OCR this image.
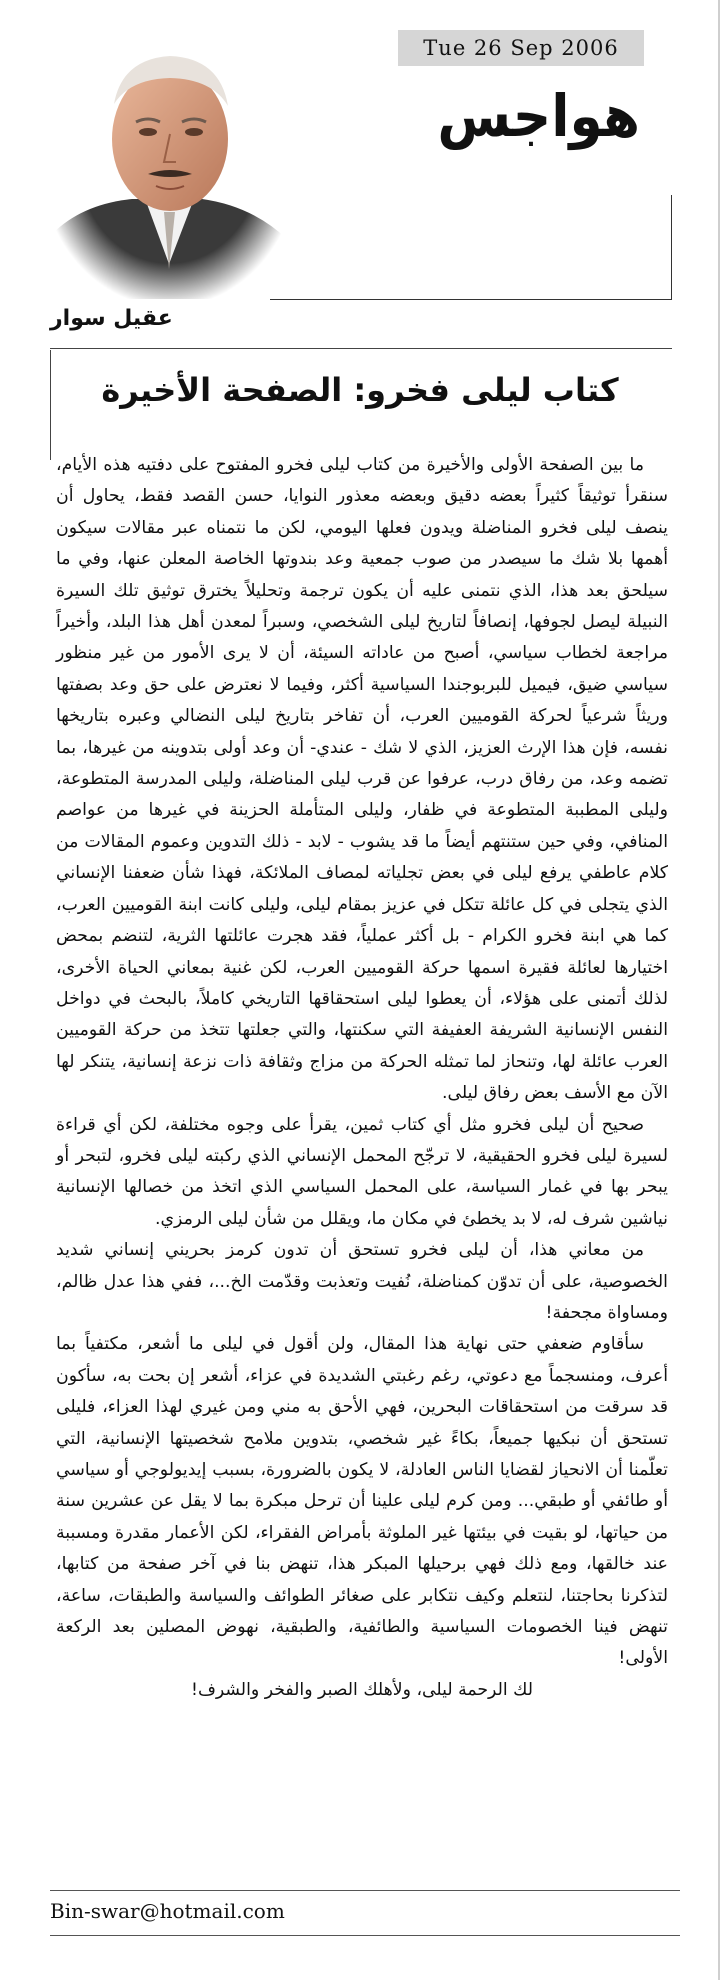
Tue 26 Sep 2006
هواجس
عقيل سوار
كتاب ليلى فخرو: الصفحة الأخيرة

ما بين الصفحة الأولى والأخيرة من كتاب ليلى فخرو المفتوح على دفتيه هذه الأيام، سنقرأ توثيقاً كثيراً بعضه دقيق وبعضه معذور النوايا، حسن القصد فقط، يحاول أن ينصف ليلى فخرو المناضلة ويدون فعلها اليومي، لكن ما نتمناه عبر مقالات سيكون أهمها بلا شك ما سيصدر من صوب جمعية وعد بندوتها الخاصة المعلن عنها، وفي ما سيلحق بعد هذا، الذي نتمنى عليه أن يكون ترجمة وتحليلاً يخترق توثيق تلك السيرة النبيلة ليصل لجوفها، إنصافاً لتاريخ ليلى الشخصي، وسبراً لمعدن أهل هذا البلد، وأخيراً مراجعة لخطاب سياسي، أصبح من عاداته السيئة، أن لا يرى الأمور من غير منظور سياسي ضيق، فيميل للبربوجندا السياسية أكثر، وفيما لا نعترض على حق وعد بصفتها وريثاً شرعياً لحركة القوميين العرب، أن تفاخر بتاريخ ليلى النضالي وعبره بتاريخها نفسه، فإن هذا الإرث العزيز، الذي لا شك - عندي- أن وعد أولى بتدوينه من غيرها، بما تضمه وعد، من رفاق درب، عرفوا عن قرب ليلى المناضلة، وليلى المدرسة المتطوعة، وليلى المطببة المتطوعة في ظفار، وليلى المتأملة الحزينة في غيرها من عواصم المنافي، وفي حين ستنتهم أيضاً ما قد يشوب - لابد - ذلك التدوين وعموم المقالات من كلام عاطفي يرفع ليلى في بعض تجلياته لمصاف الملائكة، فهذا شأن ضعفنا الإنساني الذي يتجلى في كل عائلة تتكل في عزيز بمقام ليلى، وليلى كانت ابنة القوميين العرب، كما هي ابنة فخرو الكرام - بل أكثر عملياً، فقد هجرت عائلتها الثرية، لتنضم بمحض اختيارها لعائلة فقيرة اسمها حركة القوميين العرب، لكن غنية بمعاني الحياة الأخرى، لذلك أتمنى على هؤلاء، أن يعطوا ليلى استحقاقها التاريخي كاملاً، بالبحث في دواخل النفس الإنسانية الشريفة العفيفة التي سكنتها، والتي جعلتها تتخذ من حركة القوميين العرب عائلة لها، وتنحاز لما تمثله الحركة من مزاج وثقافة ذات نزعة إنسانية، يتنكر لها الآن مع الأسف بعض رفاق ليلى.

صحيح أن ليلى فخرو مثل أي كتاب ثمين، يقرأ على وجوه مختلفة، لكن أي قراءة لسيرة ليلى فخرو الحقيقية، لا ترجّح المحمل الإنساني الذي ركبته ليلى فخرو، لتبحر أو يبحر بها في غمار السياسة، على المحمل السياسي الذي اتخذ من خصالها الإنسانية نياشين شرف له، لا بد يخطئ في مكان ما، ويقلل من شأن ليلى الرمزي.

من معاني هذا، أن ليلى فخرو تستحق أن تدون كرمز بحريني إنساني شديد الخصوصية، على أن تدوّن كمناضلة، نُفيت وتعذبت وقدّمت الخ...، ففي هذا عدل ظالم، ومساواة مجحفة!

سأقاوم ضعفي حتى نهاية هذا المقال، ولن أقول في ليلى ما أشعر، مكتفياً بما أعرف، ومنسجماً مع دعوتي، رغم رغبتي الشديدة في عزاء، أشعر إن بحت به، سأكون قد سرقت من استحقاقات البحرين، فهي الأحق به مني ومن غيري لهذا العزاء، فليلى تستحق أن نبكيها جميعاً، بكاءً غير شخصي، بتدوين ملامح شخصيتها الإنسانية، التي تعلّمنا أن الانحياز لقضايا الناس العادلة، لا يكون بالضرورة، بسبب إيديولوجي أو سياسي أو طائفي أو طبقي... ومن كرم ليلى علينا أن ترحل مبكرة بما لا يقل عن عشرين سنة من حياتها، لو بقيت في بيئتها غير الملوثة بأمراض الفقراء، لكن الأعمار مقدرة ومسببة عند خالقها، ومع ذلك فهي برحيلها المبكر هذا، تنهض بنا في آخر صفحة من كتابها، لتذكرنا بحاجتنا، لنتعلم وكيف نتكابر على صغائر الطوائف والسياسة والطبقات، ساعة، تنهض فينا الخصومات السياسية والطائفية، والطبقية، نهوض المصلين بعد الركعة الأولى!

لك الرحمة ليلى، ولأهلك الصبر والفخر والشرف!

Bin-swar@hotmail.com
